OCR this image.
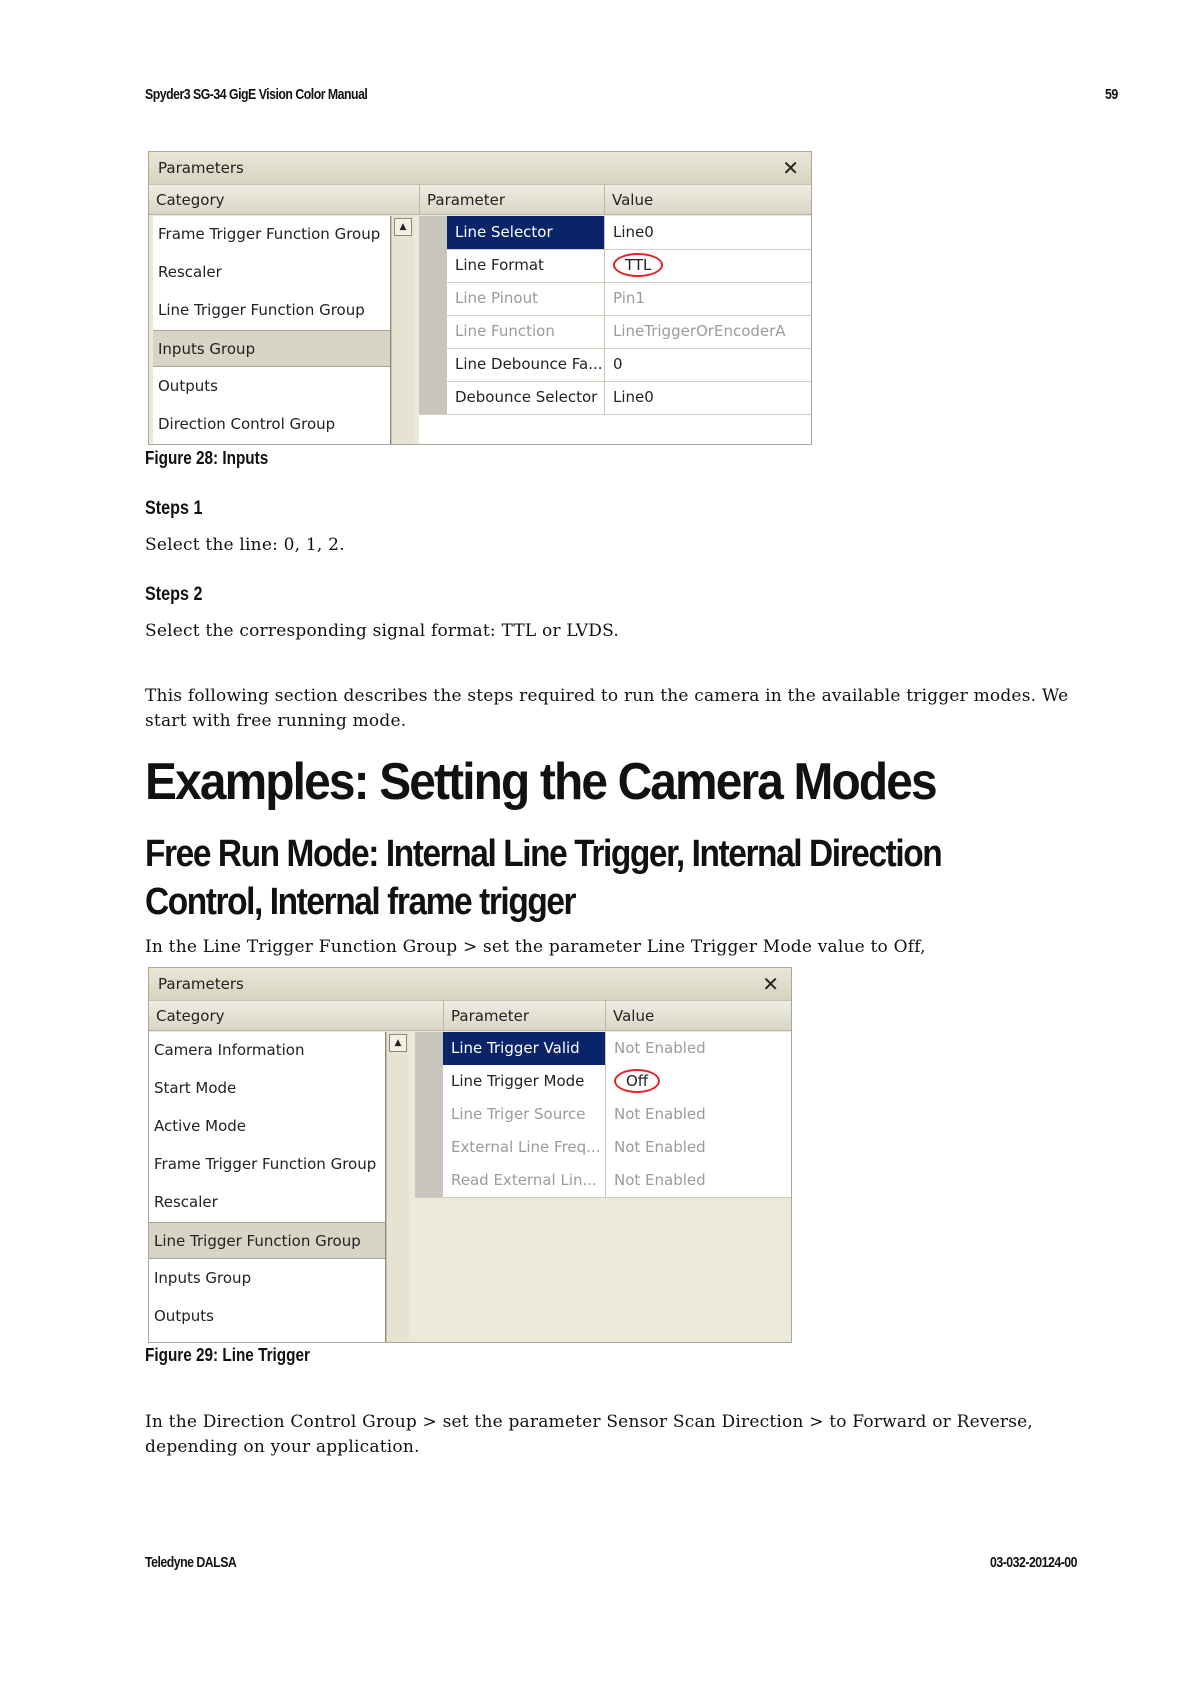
Spyder3 SG-34 GigE Vision Color Manual	59
Parameters	✕
Category	Parameter	Value
Frame Trigger Function Group
Rescaler
Line Trigger Function Group
Inputs Group
Outputs
Direction Control Group
▲	Line Selector	Line0
Line Format	TTL
Line Pinout	Pin1
Line Function	LineTriggerOrEncoderA
Line Debounce Fa... 0
Debounce Selector	Line0
Figure 28: Inputs
Steps 1
Select the line: 0, 1, 2.
Steps 2
Select the corresponding signal format: TTL or LVDS.
This following section describes the steps required to run the camera in the available trigger modes. We start with free running mode.
Examples: Setting the Camera Modes
Free Run Mode: Internal Line Trigger, Internal Direction Control, Internal frame trigger
In the Line Trigger Function Group > set the parameter Line Trigger Mode value to Off,
Parameters	✕
Category	Parameter	Value
Camera Information
Start Mode
Active Mode
Frame Trigger Function Group
Rescaler
Line Trigger Function Group
Inputs Group
Outputs
▲	Line Trigger Valid	Not Enabled
Line Trigger Mode	Off
Line Triger Source	Not Enabled
External Line Freq... Not Enabled
Read External Lin...	Not Enabled
Figure 29: Line Trigger
In the Direction Control Group > set the parameter Sensor Scan Direction > to Forward or Reverse, depending on your application.
Teledyne DALSA	03-032-20124-00
